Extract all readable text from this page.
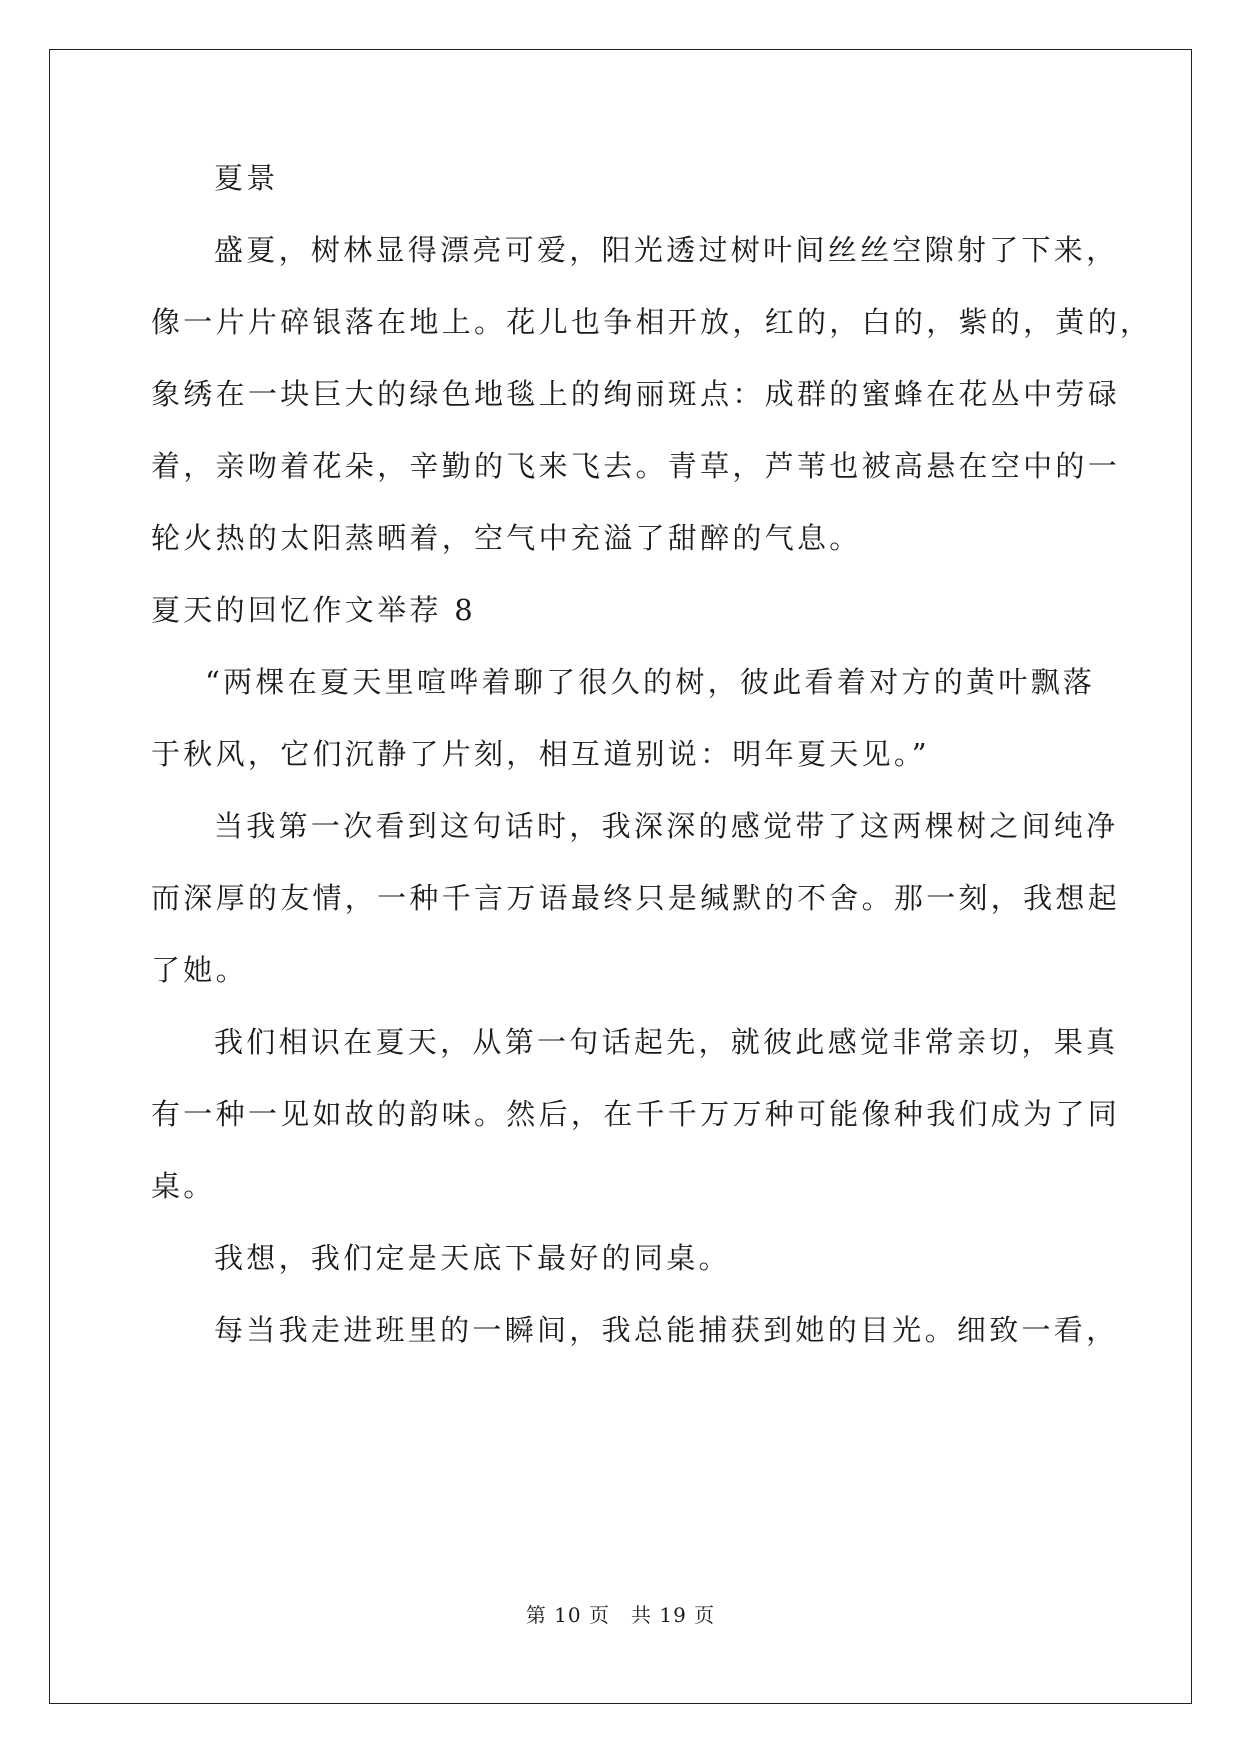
夏景
盛夏，树林显得漂亮可爱，阳光透过树叶间丝丝空隙射了下来，
像一片片碎银落在地上。花儿也争相开放，红的，白的，紫的，黄的，
象绣在一块巨大的绿色地毯上的绚丽斑点：成群的蜜蜂在花丛中劳碌
着，亲吻着花朵，辛勤的飞来飞去。青草，芦苇也被高悬在空中的一
轮火热的太阳蒸晒着，空气中充溢了甜醉的气息。
夏天的回忆作文举荐 8
“两棵在夏天里喧哗着聊了很久的树，彼此看着对方的黄叶飘落
于秋风，它们沉静了片刻，相互道别说：明年夏天见。”
当我第一次看到这句话时，我深深的感觉带了这两棵树之间纯净
而深厚的友情，一种千言万语最终只是缄默的不舍。那一刻，我想起
了她。
我们相识在夏天，从第一句话起先，就彼此感觉非常亲切，果真
有一种一见如故的韵味。然后，在千千万万种可能像种我们成为了同
桌。
我想，我们定是天底下最好的同桌。
每当我走进班里的一瞬间，我总能捕获到她的目光。细致一看，
第 10 页　共 19 页
